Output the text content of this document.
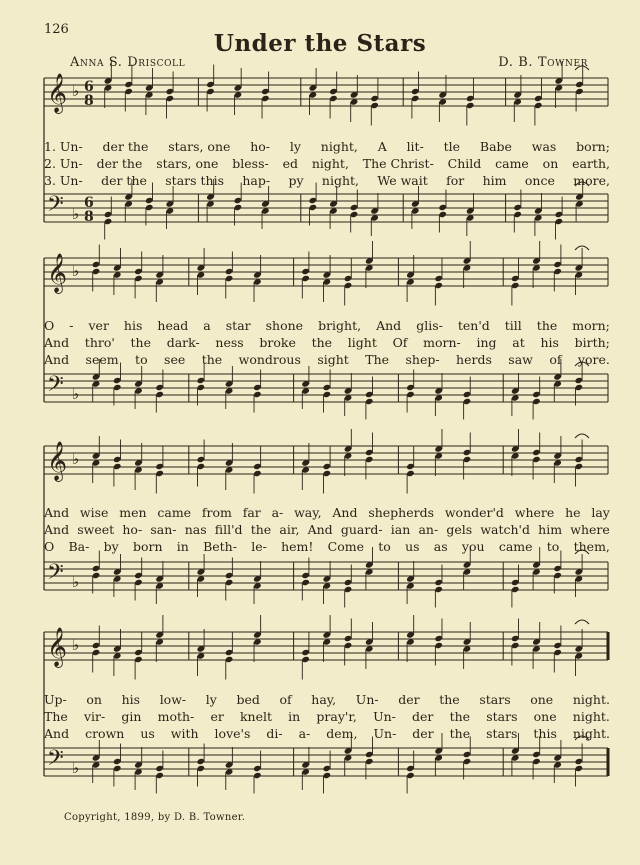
126
Under the Stars
Anna S. Driscoll	D. B. Towner
𝄞 ♭ 6
8
𝄢 ♭
6
8
1. Un- der the stars, one ho- ly night, A lit- tle Babe was born;
2. Un- der the stars, one bless- ed night, The Christ- Child came on earth,
3. Un- der the stars this hap- py night, We wait for him once more,
𝄞 ♭
𝄢 ♭
O - ver his head a star shone bright, And glis- ten'd till the morn;
And thro' the dark- ness broke the light Of morn- ing at his birth;
And seem to see the wondrous sight The shep- herds saw of yore.
𝄞 ♭
𝄢 ♭
And wise men came from far a- way, And shepherds wonder'd where he lay
And sweet ho- san- nas fill'd the air, And guard- ian an- gels watch'd him where
O Ba- by born in Beth- le- hem! Come to us as you came to them,
𝄞 ♭
𝄢 ♭
Up- on his low- ly bed of hay, Un- der the stars one night.
The vir- gin moth- er knelt in pray'r, Un- der the stars one night.
And crown us with love's di- a- dem, Un- der the stars this night.
Copyright, 1899, by D. B. Towner.
